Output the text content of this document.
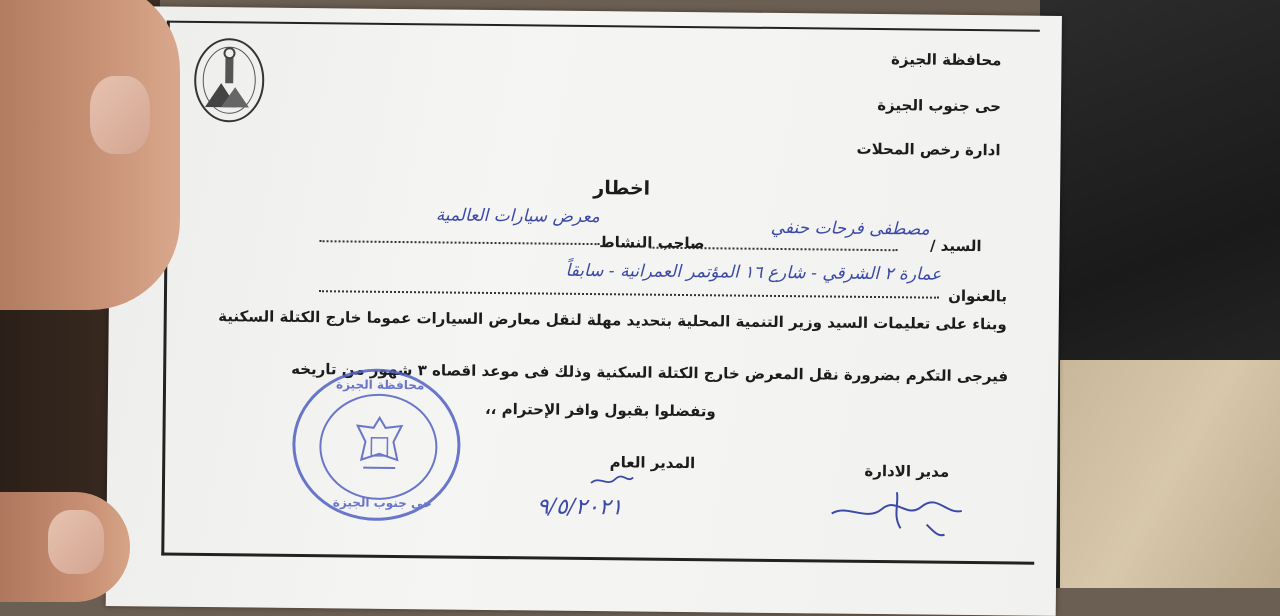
محافظة الجيزة
حى جنوب الجيزة
ادارة رخص المحلات
اخطار
السيد /
مصطفى فرحات حنفي
صاحب النشاط
معرض سيارات العالمية
بالعنوان
عمارة ٢ الشرقي - شارع ١٦ المؤتمر العمرانية - سابقاً
وبناء على تعليمات السيد وزير التنمية المحلية بتحديد مهلة لنقل معارض السيارات عموما خارج الكتلة السكنية
فيرجى التكرم بضرورة نقل المعرض خارج الكتلة السكنية وذلك فى موعد اقصاه ٣ شهور من تاريخه
وتفضلوا بقبول وافر الإحترام ،،
مدير الادارة
المدير العام
٩/٥/٢٠٢١
محافظة الجيزة
حى جنوب الجيزة
